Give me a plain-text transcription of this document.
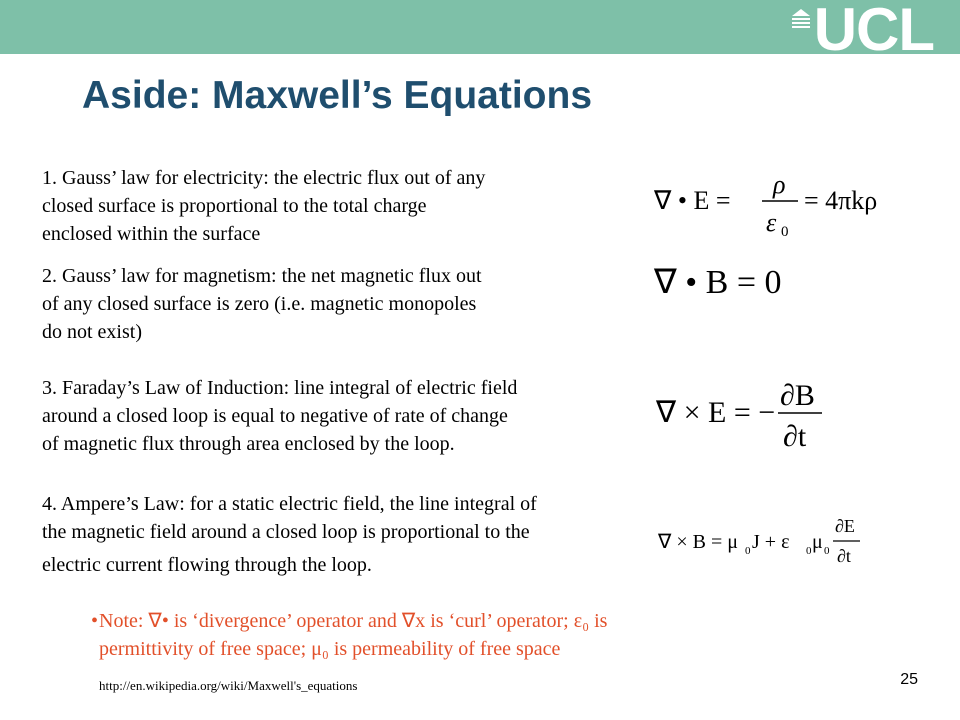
UCL
Aside: Maxwell’s Equations

1. Gauss’ law for electricity: the electric flux out of any
closed surface is proportional to the total charge
enclosed within the surface

2. Gauss’ law for magnetism: the net magnetic flux out
of any closed surface is zero (i.e. magnetic monopoles
do not exist)

3. Faraday’s Law of Induction: line integral of electric field
around a closed loop is equal to negative of rate of change
of magnetic flux through area enclosed by the loop.

4. Ampere’s Law: for a static electric field, the line integral of
the magnetic field around a closed loop is proportional to the
electric current flowing through the loop.

∇ • E =
ρ
ε 0
= 4πkρ
∇ • B = 0
∇ × E = −
∂B
∂t
∇ × B = μ 0 J + ε 0 μ 0
∂E
∂t

• Note: ∇• is ‘divergence’ operator and ∇x is ‘curl’ operator; ε₀ is
permittivity of free space; μ₀ is permeability of free space

http://en.wikipedia.org/wiki/Maxwell's_equations	25
